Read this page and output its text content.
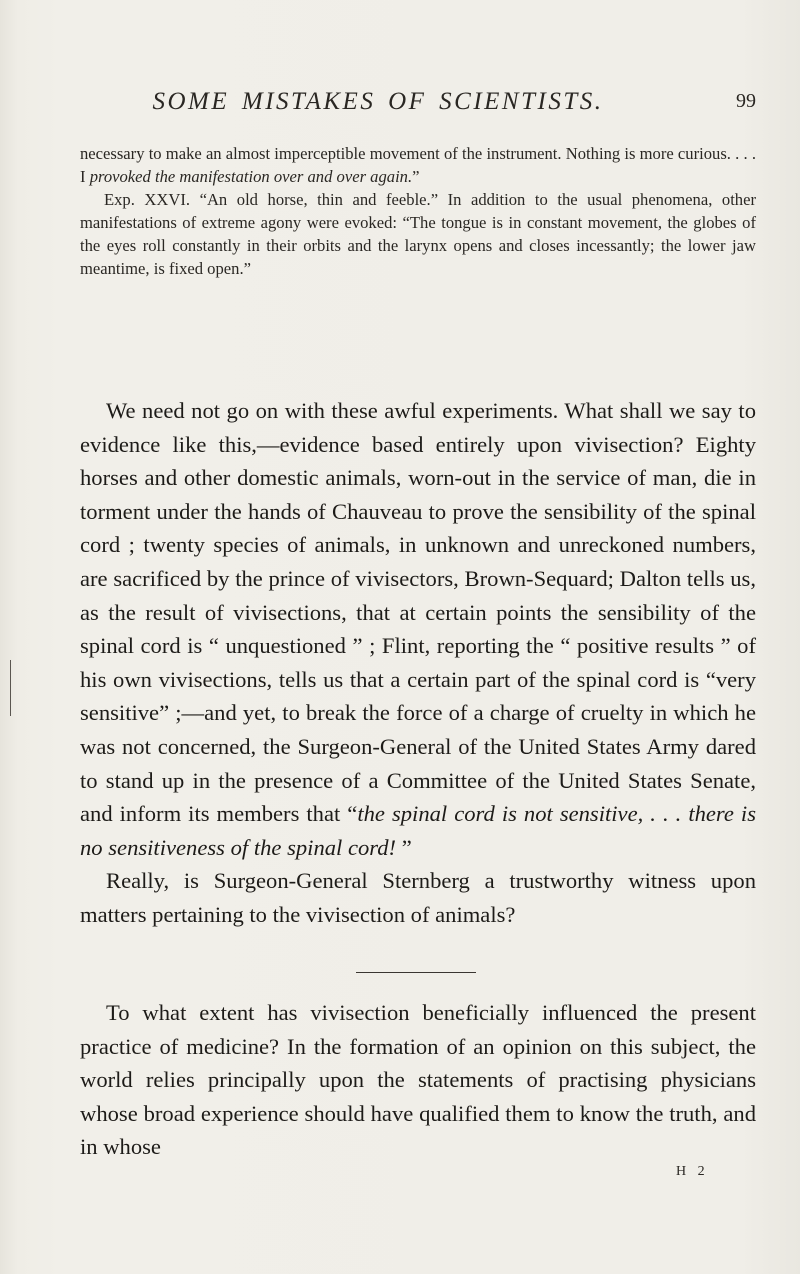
SOME MISTAKES OF SCIENTISTS.	99

necessary to make an almost imperceptible movement of the instrument. Nothing is more curious. . . . I provoked the manifestation over and over again.”

Exp. XXVI. “An old horse, thin and feeble.” In addition to the usual phenomena, other manifestations of extreme agony were evoked: “The tongue is in constant movement, the globes of the eyes roll constantly in their orbits and the larynx opens and closes incessantly; the lower jaw meantime, is fixed open.”

We need not go on with these awful experiments. What shall we say to evidence like this,—evidence based entirely upon vivisection? Eighty horses and other domestic animals, worn-out in the service of man, die in torment under the hands of Chauveau to prove the sensibility of the spinal cord ; twenty species of animals, in unknown and unreckoned numbers, are sacrificed by the prince of vivisectors, Brown-Sequard; Dalton tells us, as the result of vivisections, that at certain points the sensibility of the spinal cord is “ unquestioned ” ; Flint, reporting the “ positive results ” of his own vivisections, tells us that a certain part of the spinal cord is “very sensitive” ;—and yet, to break the force of a charge of cruelty in which he was not concerned, the Surgeon-General of the United States Army dared to stand up in the presence of a Committee of the United States Senate, and inform its members that “the spinal cord is not sensitive, . . . there is no sensitiveness of the spinal cord! ”

Really, is Surgeon-General Sternberg a trustworthy witness upon matters pertaining to the vivisection of animals?

To what extent has vivisection beneficially influenced the present practice of medicine? In the formation of an opinion on this subject, the world relies principally upon the statements of practising physicians whose broad experience should have qualified them to know the truth, and in whose

H 2
